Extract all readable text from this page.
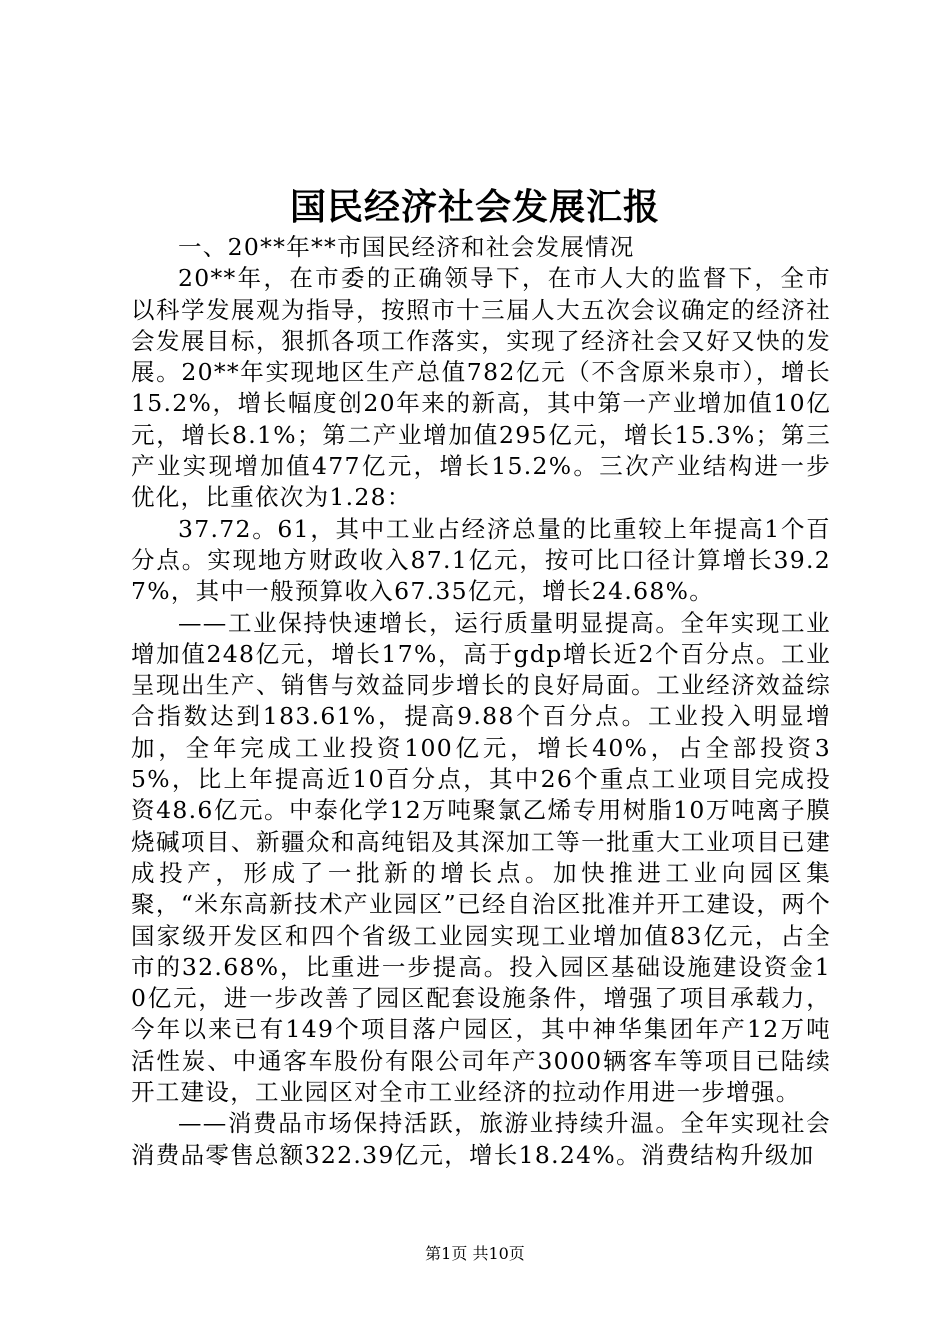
国民经济社会发展汇报

一、20**年**市国民经济和社会发展情况

20**年，在市委的正确领导下，在市人大的监督下，全市以科学发展观为指导，按照市十三届人大五次会议确定的经济社会发展目标，狠抓各项工作落实，实现了经济社会又好又快的发展。20**年实现地区生产总值782亿元（不含原米泉市），增长15.2%，增长幅度创20年来的新高，其中第一产业增加值10亿元，增长8.1%；第二产业增加值295亿元，增长15.3%；第三产业实现增加值477亿元，增长15.2%。三次产业结构进一步优化，比重依次为1.28：

37.72。61，其中工业占经济总量的比重较上年提高1个百分点。实现地方财政收入87.1亿元，按可比口径计算增长39.27%，其中一般预算收入67.35亿元，增长24.68%。

——工业保持快速增长，运行质量明显提高。全年实现工业增加值248亿元，增长17%，高于gdp增长近2个百分点。工业呈现出生产、销售与效益同步增长的良好局面。工业经济效益综合指数达到183.61%，提高9.88个百分点。工业投入明显增加，全年完成工业投资100亿元，增长40%，占全部投资35%，比上年提高近10百分点，其中26个重点工业项目完成投资48.6亿元。中泰化学12万吨聚氯乙烯专用树脂10万吨离子膜烧碱项目、新疆众和高纯铝及其深加工等一批重大工业项目已建成投产，形成了一批新的增长点。加快推进工业向园区集聚，“米东高新技术产业园区”已经自治区批准并开工建设，两个国家级开发区和四个省级工业园实现工业增加值83亿元，占全市的32.68%，比重进一步提高。投入园区基础设施建设资金10亿元，进一步改善了园区配套设施条件，增强了项目承载力，今年以来已有149个项目落户园区，其中神华集团年产12万吨活性炭、中通客车股份有限公司年产3000辆客车等项目已陆续开工建设，工业园区对全市工业经济的拉动作用进一步增强。

——消费品市场保持活跃，旅游业持续升温。全年实现社会消费品零售总额322.39亿元，增长18.24%。消费结构升级加

第1页 共10页
